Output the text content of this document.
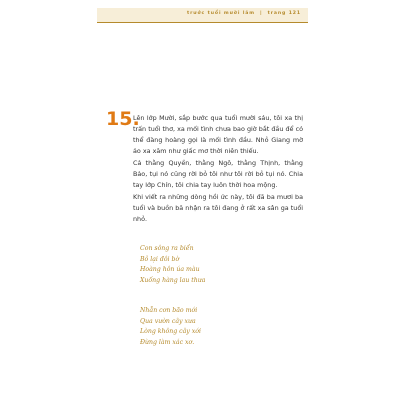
trước tuổi mười lăm | trang 121
15.

Lên lớp Mười, sắp bước qua tuổi mười sáu, tôi xa thị trấn tuổi thơ, xa mối tình chưa bao giờ bắt đầu để có thể đàng hoàng gọi là mối tình đầu. Nhỏ Giang mờ ảo xa xăm như giấc mơ thời niên thiếu.

Cả thằng Quyền, thằng Ngô, thằng Thịnh, thằng Bảo, tụi nó cũng rời bỏ tôi như tôi rời bỏ tụi nó. Chia tay lớp Chín, tôi chia tay luôn thời hoa mộng.

Khi viết ra những dòng hồi ức này, tôi đã ba mươi ba tuổi và buồn bã nhận ra tôi đang ở rất xa sân ga tuổi nhỏ.

Con sông ra biển
Bỏ lại đôi bờ
Hoàng hôn úa màu
Xuống hàng lau thưa
Nhẫn cơn bão mới
Qua vườn cây xưa
Lòng không cây xới
Đừng làm xác xơ.
